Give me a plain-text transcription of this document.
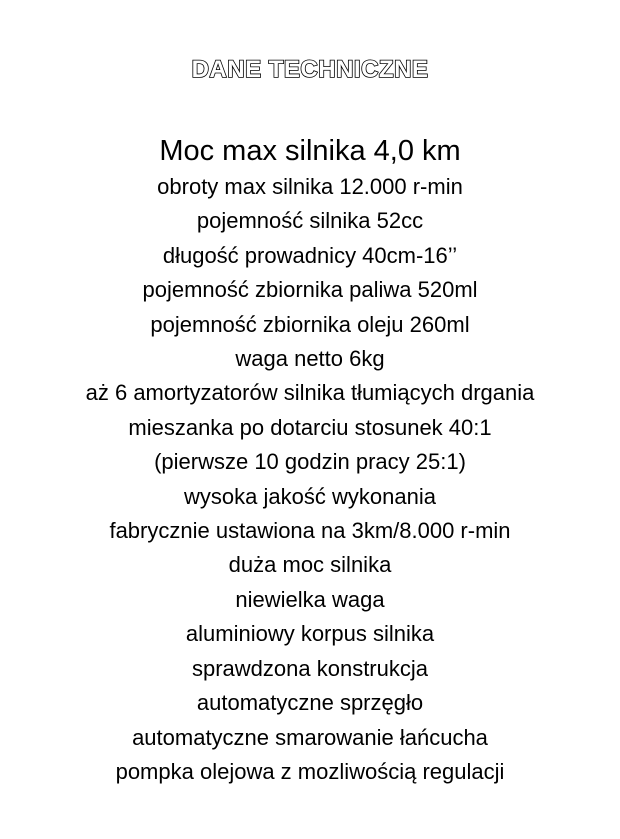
DANE TECHNICZNE
Moc max silnika 4,0 km
obroty max silnika 12.000 r-min
pojemność silnika 52cc
długość prowadnicy 40cm-16’’
pojemność zbiornika paliwa 520ml
pojemność zbiornika oleju 260ml
waga netto 6kg
aż 6 amortyzatorów silnika tłumiących drgania
mieszanka po dotarciu stosunek 40:1
(pierwsze 10 godzin pracy 25:1)
wysoka jakość wykonania
fabrycznie ustawiona na 3km/8.000 r-min
duża moc silnika
niewielka waga
aluminiowy korpus silnika
sprawdzona konstrukcja
automatyczne sprzęgło
automatyczne smarowanie łańcucha
pompka olejowa z mozliwością regulacji
